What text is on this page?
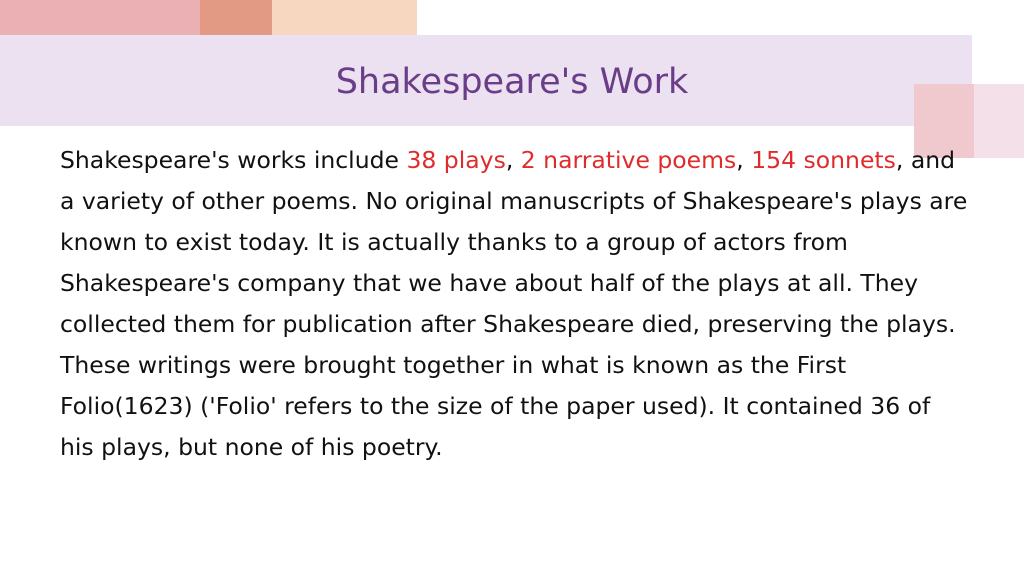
Shakespeare's Work

Shakespeare's works include 38 plays, 2 narrative poems, 154 sonnets, and a variety of other poems. No original manuscripts of Shakespeare's plays are known to exist today. It is actually thanks to a group of actors from Shakespeare's company that we have about half of the plays at all. They collected them for publication after Shakespeare died, preserving the plays. These writings were brought together in what is known as the First Folio(1623) ('Folio' refers to the size of the paper used). It contained 36 of his plays, but none of his poetry.
